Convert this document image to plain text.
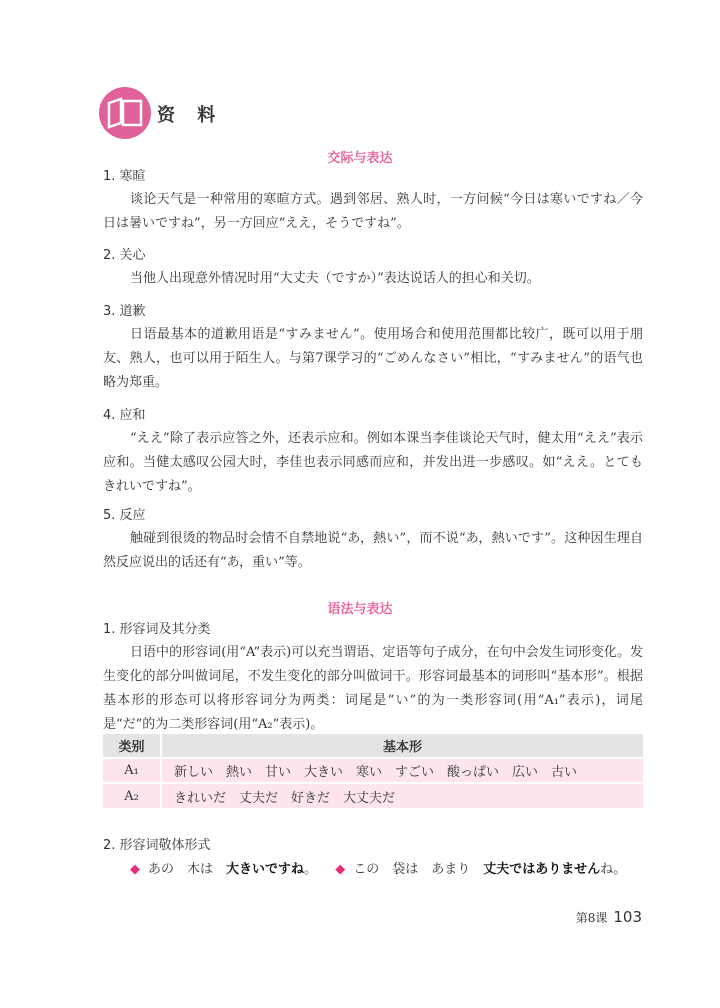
资 料
交际与表达
1. 寒暄
谈论天气是一种常用的寒暄方式。遇到邻居、熟人时，一方问候“今日は寒いですね／今日は暑いですね”，另一方回应“ええ，そうですね”。
2. 关心
当他人出现意外情况时用“大丈夫（ですか）”表达说话人的担心和关切。
3. 道歉
日语最基本的道歉用语是“すみません”。使用场合和使用范围都比较广，既可以用于朋友、熟人，也可以用于陌生人。与第7课学习的“ごめんなさい”相比，“すみません”的语气也略为郑重。
4. 应和
“ええ”除了表示应答之外，还表示应和。例如本课当李佳谈论天气时，健太用“ええ”表示应和。当健太感叹公园大时，李佳也表示同感而应和，并发出进一步感叹。如“ええ。とてもきれいですね”。
5. 反应
触碰到很烫的物品时会情不自禁地说“あ，熱い”，而不说“あ，熱いです”。这种因生理自然反应说出的话还有“あ，重い”等。
语法与表达
1. 形容词及其分类
日语中的形容词(用“A”表示)可以充当谓语、定语等句子成分，在句中会发生词形变化。发生变化的部分叫做词尾，不发生变化的部分叫做词干。形容词最基本的词形叫“基本形”。根据基本形的形态可以将形容词分为两类：词尾是“い”的为一类形容词(用“A₁”表示)，词尾是“だ”的为二类形容词(用“A₂”表示)。
类别	基本形
A₁	新しい　熱い　甘い　大きい　寒い　すごい　酸っぱい　広い　古い
A₂	きれいだ　丈夫だ　好きだ　大丈夫だ
2. 形容词敬体形式
◆ あの　木は　大きいですね。 ◆ この　袋は　あまり　丈夫ではありませんね。
第8课 103
